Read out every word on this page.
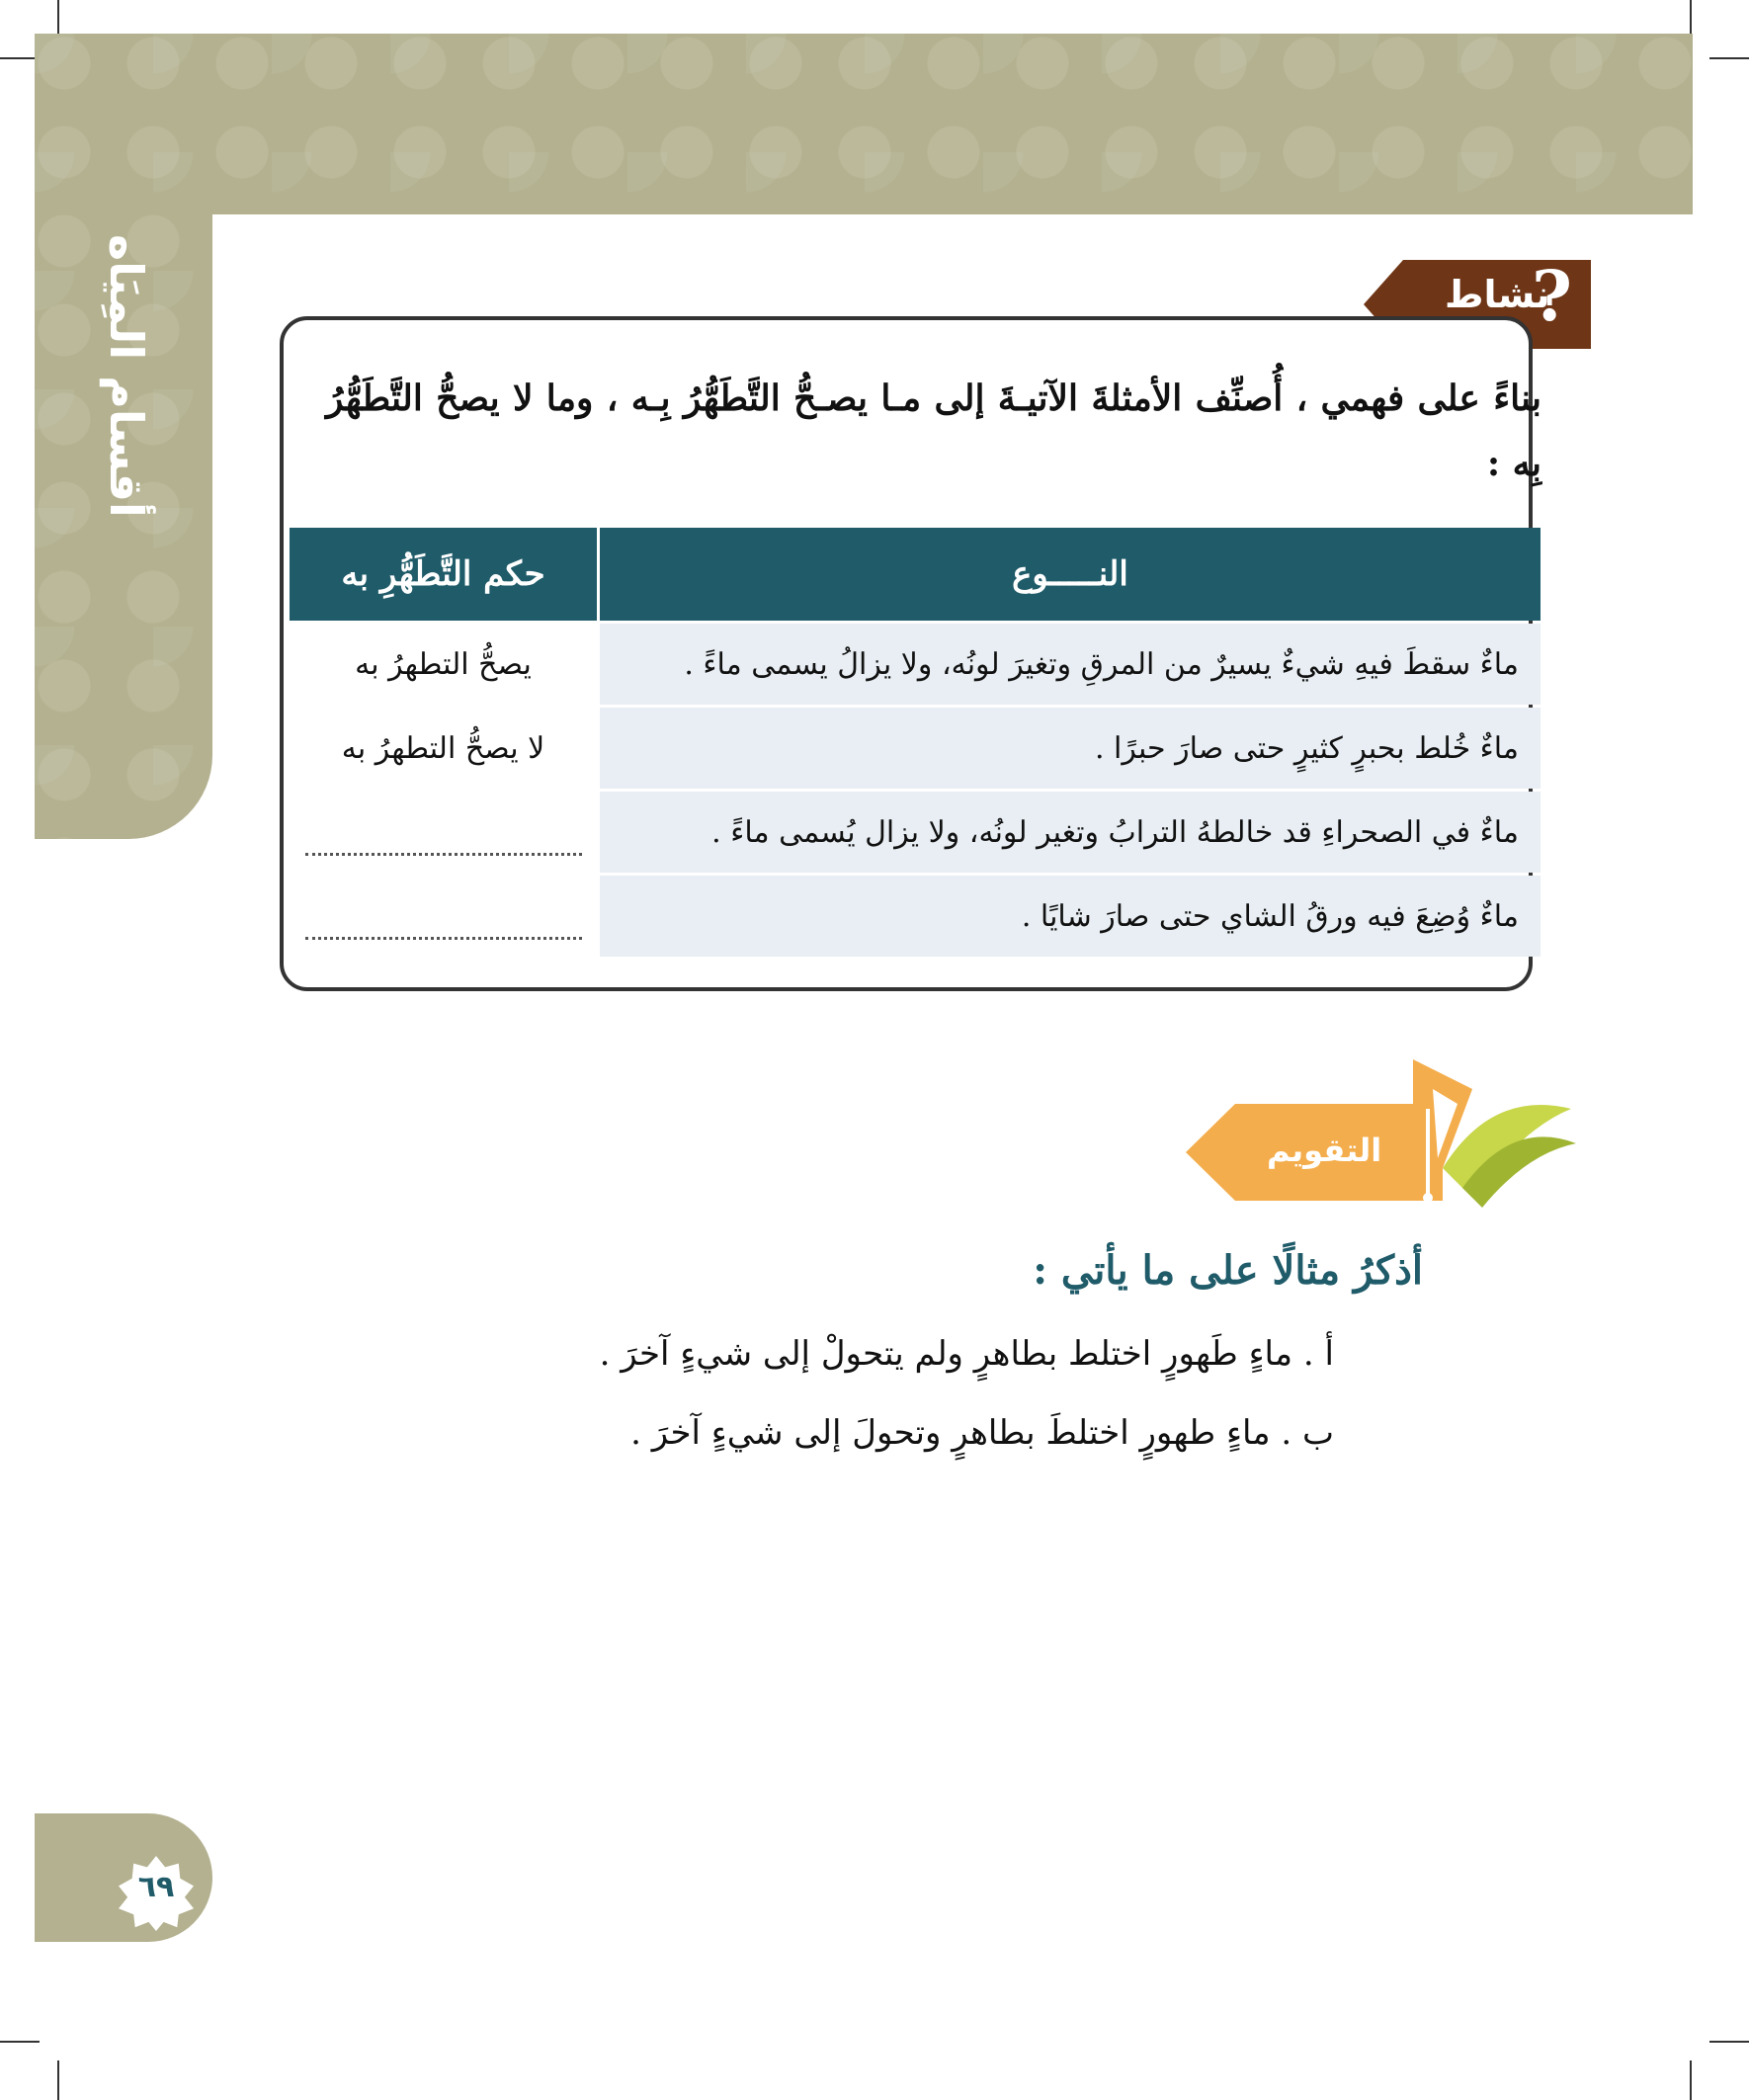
أقسام المِيَاه	نشاط
?
بناءً على فهمي ، أُصنِّف الأمثلةَ الآتيـةَ إلى مـا يصـحُّ التَّطَهُّرُ بِـه ، وما لا يصحُّ التَّطَهُّرُ بِه :
النـــــوع	حكم التَّطَهُّرِ به
ماءٌ سقطَ فيهِ شيءٌ يسيرٌ من المرقِ وتغيرَ لونُه، ولا يزالُ يسمى ماءً .	يصحُّ التطهرُ به
ماءٌ خُلط بحبرٍ كثيرٍ حتى صارَ حبرًا .	لا يصحُّ التطهرُ به
ماءٌ في الصحراءِ قد خالطهُ الترابُ وتغير لونُه، ولا يزال يُسمى ماءً .	
ماءٌ وُضِعَ فيه ورقُ الشاي حتى صارَ شايًا .	
التقويم
أذكرُ مثالًا على ما يأتي :
أ . ماءٍ طَهورٍ اختلط بطاهرٍ ولم يتحولْ إلى شيءٍ آخرَ .
ب . ماءٍ طهورٍ اختلطَ بطاهرٍ وتحولَ إلى شيءٍ آخرَ .
٦٩
